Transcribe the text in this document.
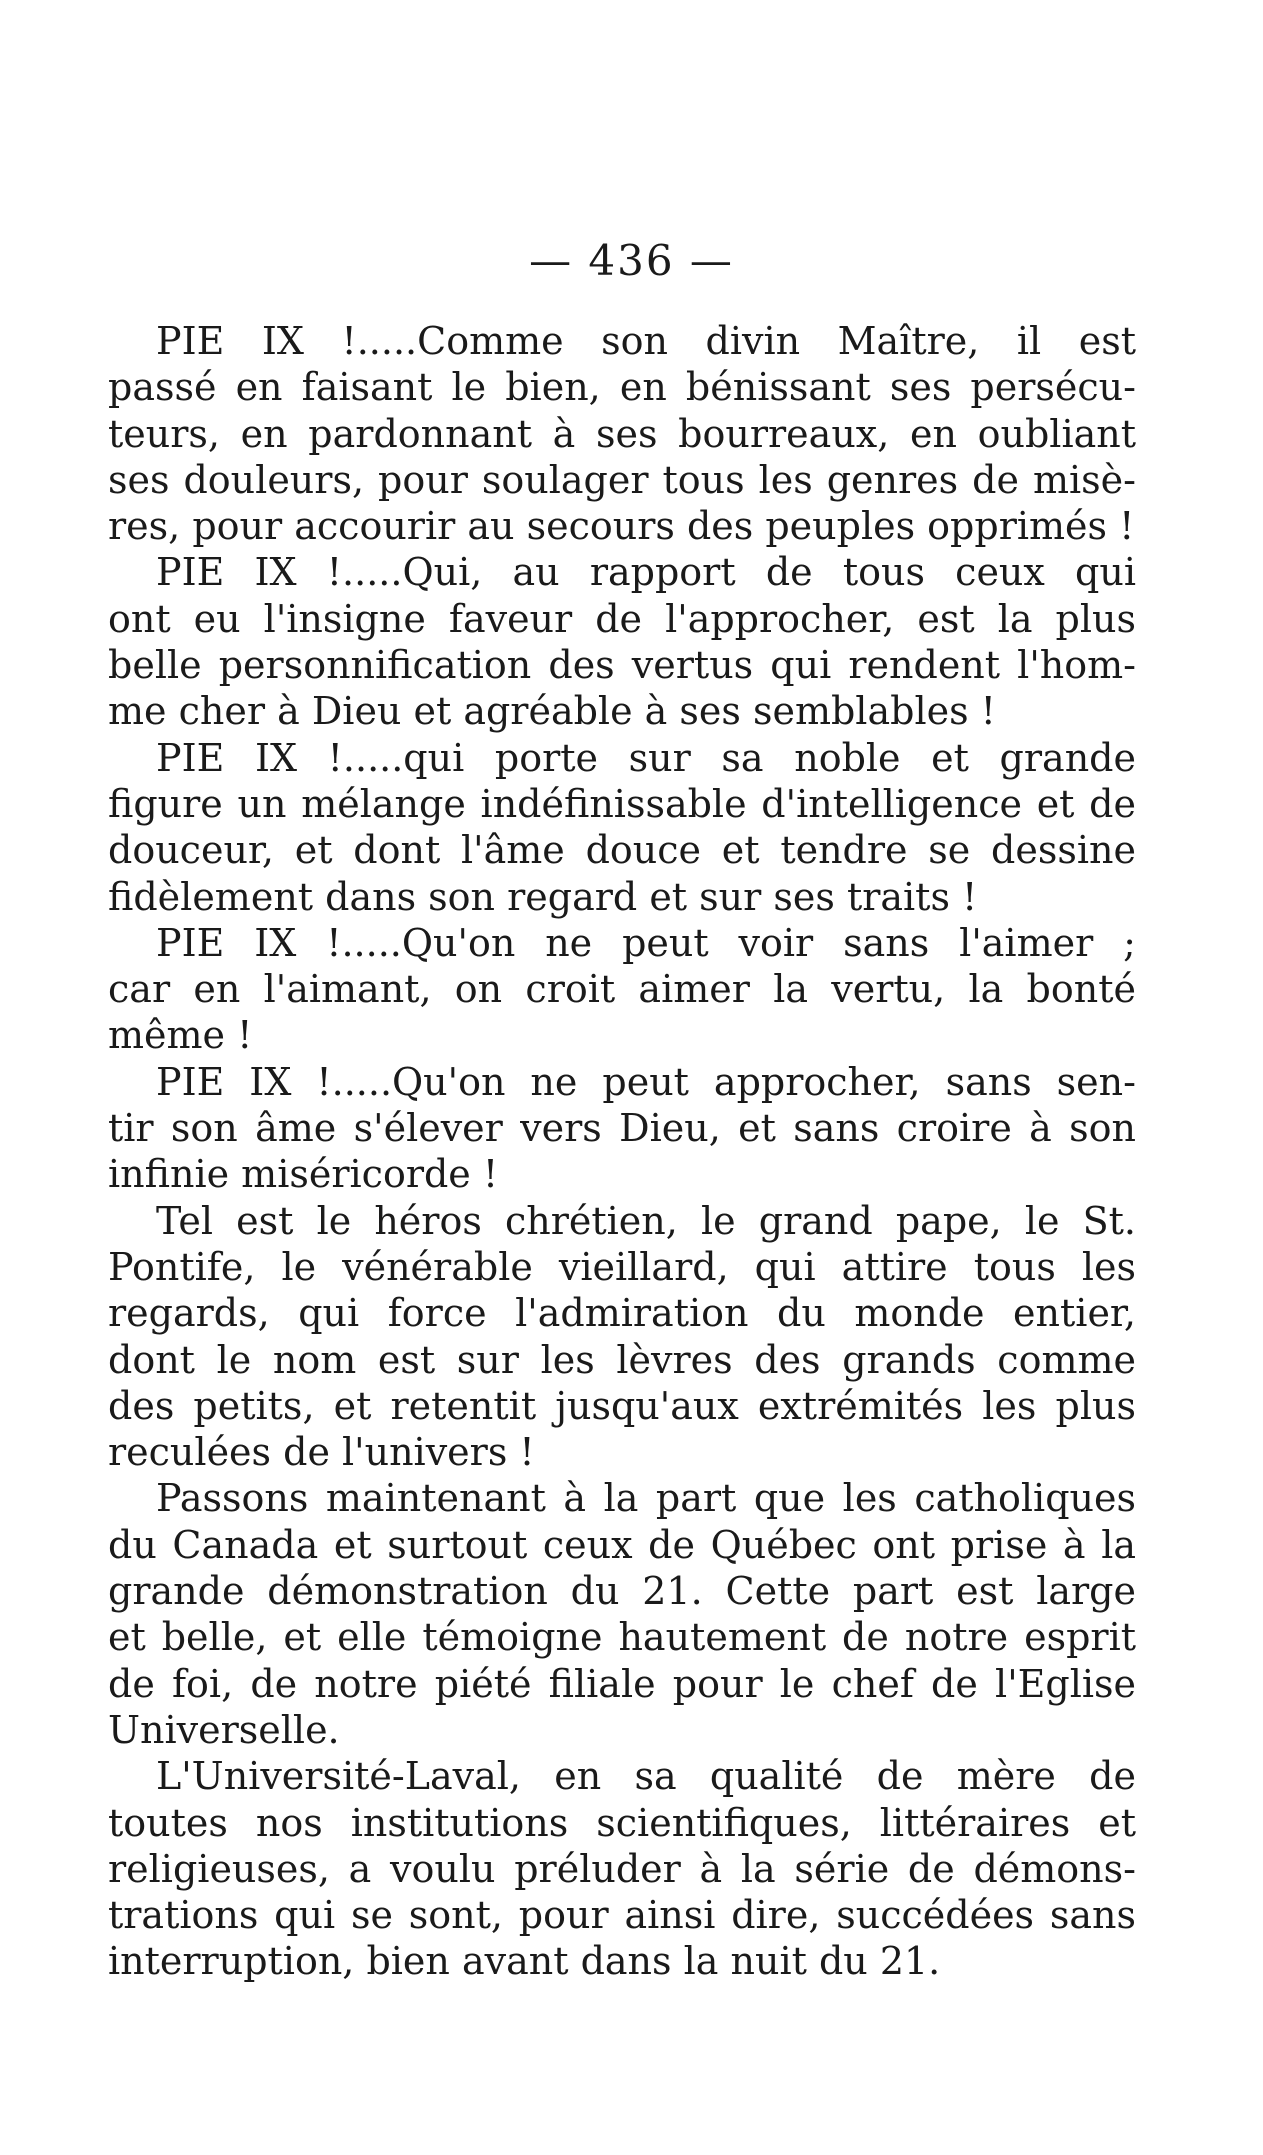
— 436 —
PIE IX !.....Comme son divin Maître, il est
passé en faisant le bien, en bénissant ses persécu-
teurs, en pardonnant à ses bourreaux, en oubliant
ses douleurs, pour soulager tous les genres de misè-
res, pour accourir au secours des peuples opprimés !
PIE IX !.....Qui, au rapport de tous ceux qui
ont eu l'insigne faveur de l'approcher, est la plus
belle personnification des vertus qui rendent l'hom-
me cher à Dieu et agréable à ses semblables !
PIE IX !.....qui porte sur sa noble et grande
figure un mélange indéfinissable d'intelligence et de
douceur, et dont l'âme douce et tendre se dessine
fidèlement dans son regard et sur ses traits !
PIE IX !.....Qu'on ne peut voir sans l'aimer ;
car en l'aimant, on croit aimer la vertu, la bonté
même !
PIE IX !.....Qu'on ne peut approcher, sans sen-
tir son âme s'élever vers Dieu, et sans croire à son
infinie miséricorde !
Tel est le héros chrétien, le grand pape, le St.
Pontife, le vénérable vieillard, qui attire tous les
regards, qui force l'admiration du monde entier,
dont le nom est sur les lèvres des grands comme
des petits, et retentit jusqu'aux extrémités les plus
reculées de l'univers !
Passons maintenant à la part que les catholiques
du Canada et surtout ceux de Québec ont prise à la
grande démonstration du 21. Cette part est large
et belle, et elle témoigne hautement de notre esprit
de foi, de notre piété filiale pour le chef de l'Eglise
Universelle.
L'Université-Laval, en sa qualité de mère de
toutes nos institutions scientifiques, littéraires et
religieuses, a voulu préluder à la série de démons-
trations qui se sont, pour ainsi dire, succédées sans
interruption, bien avant dans la nuit du 21.
